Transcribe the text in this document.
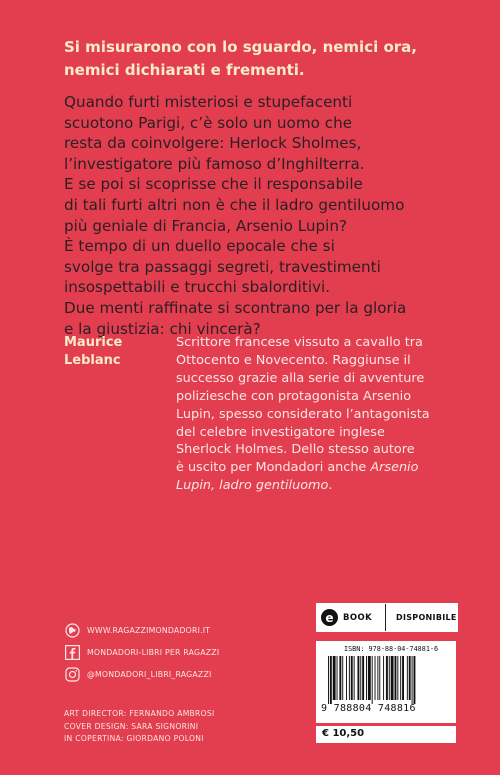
Si misurarono con lo sguardo, nemici ora,
nemici dichiarati e frementi.
Quando furti misteriosi e stupefacenti
scuotono Parigi, c’è solo un uomo che
resta da coinvolgere: Herlock Sholmes,
l’investigatore più famoso d’Inghilterra.
E se poi si scoprisse che il responsabile
di tali furti altri non è che il ladro gentiluomo
più geniale di Francia, Arsenio Lupin?
È tempo di un duello epocale che si
svolge tra passaggi segreti, travestimenti
insospettabili e trucchi sbalorditivi.
Due menti raffinate si scontrano per la gloria
e la giustizia: chi vincerà?
Maurice
Leblanc
Scrittore francese vissuto a cavallo tra
Ottocento e Novecento. Raggiunse il
successo grazie alla serie di avventure
poliziesche con protagonista Arsenio
Lupin, spesso considerato l’antagonista
del celebre investigatore inglese
Sherlock Holmes. Dello stesso autore
è uscito per Mondadori anche Arsenio
Lupin, ladro gentiluomo.
WWW.RAGAZZIMONDADORI.IT
MONDADORI-LIBRI PER RAGAZZI
@MONDADORI_LIBRI_RAGAZZI
ART DIRECTOR: FERNANDO AMBROSI
COVER DESIGN: SARA SIGNORINI
IN COPERTINA: GIORDANO POLONI
e	BOOK	DISPONIBILE
ISBN: 978-88-04-74881-6
9 788804 748816
€ 10,50
